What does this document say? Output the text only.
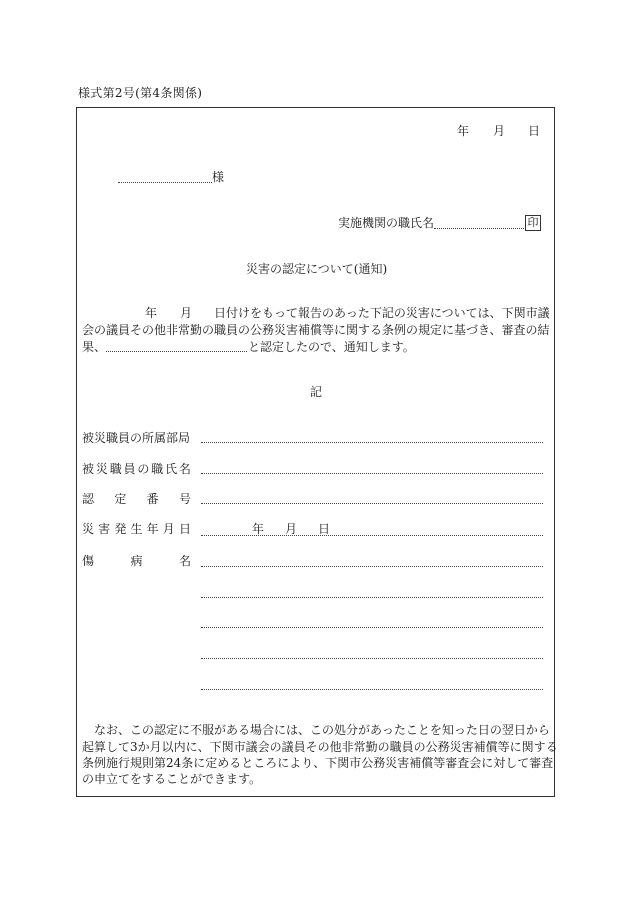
様式第2号(第4条関係)
年 月 日
様
実施機関の職氏名	印
災害の認定について(通知)
年 月 日付けをもって報告のあった下記の災害については、下関市議
会の議員その他非常勤の職員の公務災害補償等に関する条例の規定に基づき、審査の結
果、	と認定したので、通知します。
記
被災職員の所属部局
被 災 職 員 の 職 氏 名
認 定 番 号
災 害 発 生 年 月 日	年 月 日
傷	病	名
なお、この認定に不服がある場合には、この処分があったことを知った日の翌日から
起算して3か月以内に、下関市議会の議員その他非常勤の職員の公務災害補償等に関する
条例施行規則第24条に定めるところにより、下関市公務災害補償等審査会に対して審査
の申立てをすることができます。
